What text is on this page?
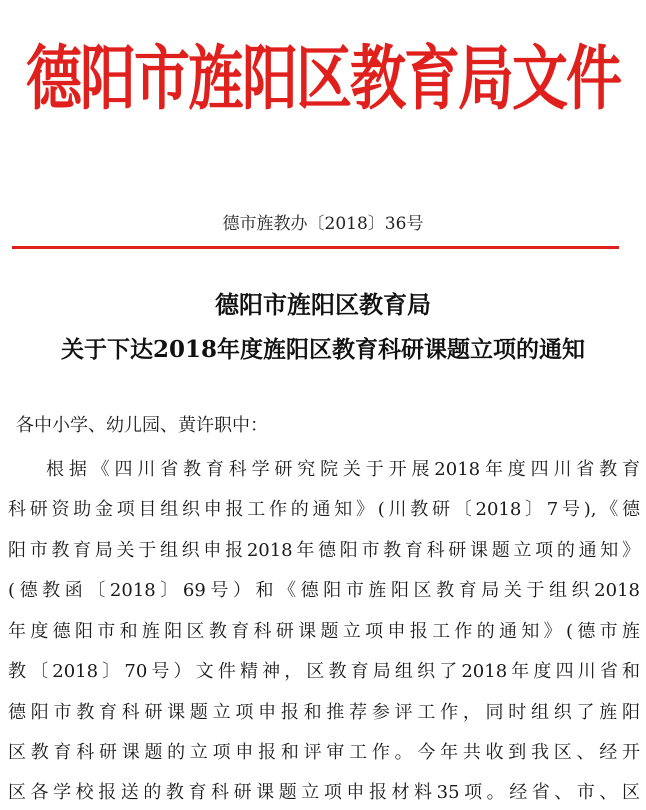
德阳市旌阳区教育局文件
德市旌教办〔2018〕36号
德阳市旌阳区教育局
关于下达2018年度旌阳区教育科研课题立项的通知
各中小学、幼儿园、黄许职中：
根据《四川省教育科学研究院关于开展2018年度四川省教育
科研资助金项目组织申报工作的通知》(川教研〔2018〕7号),《德
阳市教育局关于组织申报2018年德阳市教育科研课题立项的通知》
(德教函〔2018〕69号）和《德阳市旌阳区教育局关于组织2018
年度德阳市和旌阳区教育科研课题立项申报工作的通知》(德市旌
教〔2018〕70号）文件精神，区教育局组织了2018年度四川省和
德阳市教育科研课题立项申报和推荐参评工作，同时组织了旌阳
区教育科研课题的立项申报和评审工作。今年共收到我区、经开
区各学校报送的教育科研课题立项申报材料35项。经省、市、区
